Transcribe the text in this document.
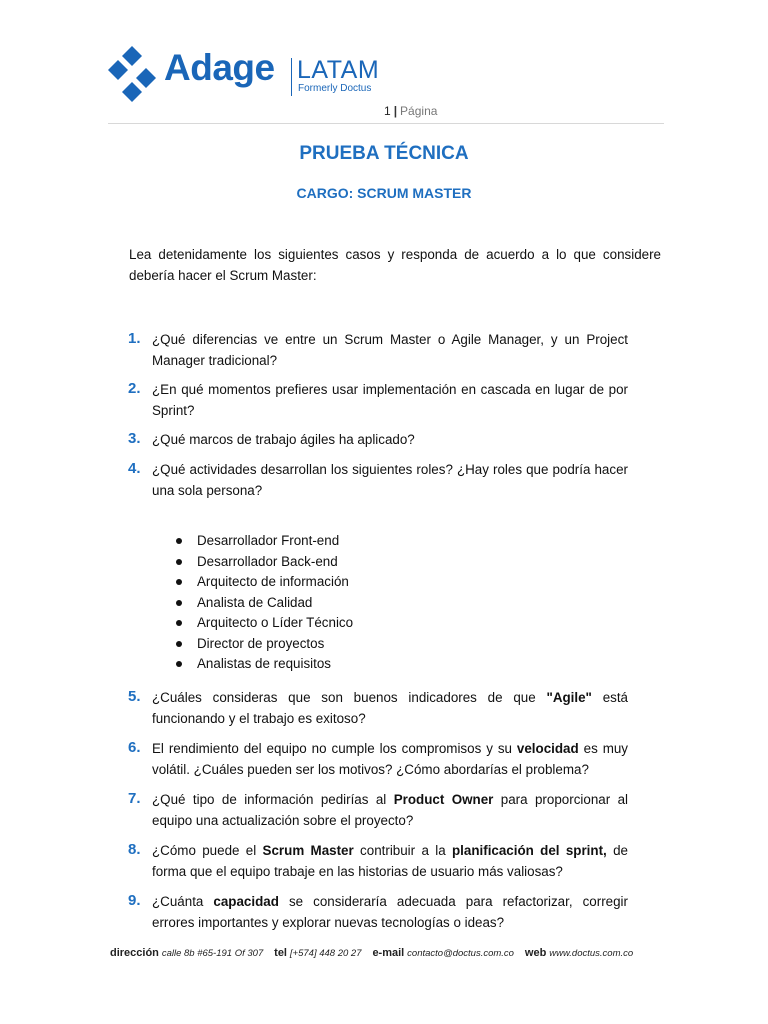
Adage LATAM
Formerly Doctus
1 | Página
PRUEBA TÉCNICA
CARGO: SCRUM MASTER
Lea detenidamente los siguientes casos y responda de acuerdo a lo que considere debería hacer el Scrum Master:
1. ¿Qué diferencias ve entre un Scrum Master o Agile Manager, y un Project Manager tradicional?
2. ¿En qué momentos prefieres usar implementación en cascada en lugar de por Sprint?
3. ¿Qué marcos de trabajo ágiles ha aplicado?
4. ¿Qué actividades desarrollan los siguientes roles? ¿Hay roles que podría hacer una sola persona?
Desarrollador Front-end
Desarrollador Back-end
Arquitecto de información
Analista de Calidad
Arquitecto o Líder Técnico
Director de proyectos
Analistas de requisitos
5. ¿Cuáles consideras que son buenos indicadores de que "Agile" está funcionando y el trabajo es exitoso?
6. El rendimiento del equipo no cumple los compromisos y su velocidad es muy volátil. ¿Cuáles pueden ser los motivos? ¿Cómo abordarías el problema?
7. ¿Qué tipo de información pedirías al Product Owner para proporcionar al equipo una actualización sobre el proyecto?
8. ¿Cómo puede el Scrum Master contribuir a la planificación del sprint, de forma que el equipo trabaje en las historias de usuario más valiosas?
9. ¿Cuánta capacidad se consideraría adecuada para refactorizar, corregir errores importantes y explorar nuevas tecnologías o ideas?
dirección calle 8b #65-191 Of 307 tel [+574] 448 20 27 e-mail contacto@doctus.com.co web www.doctus.com.co
